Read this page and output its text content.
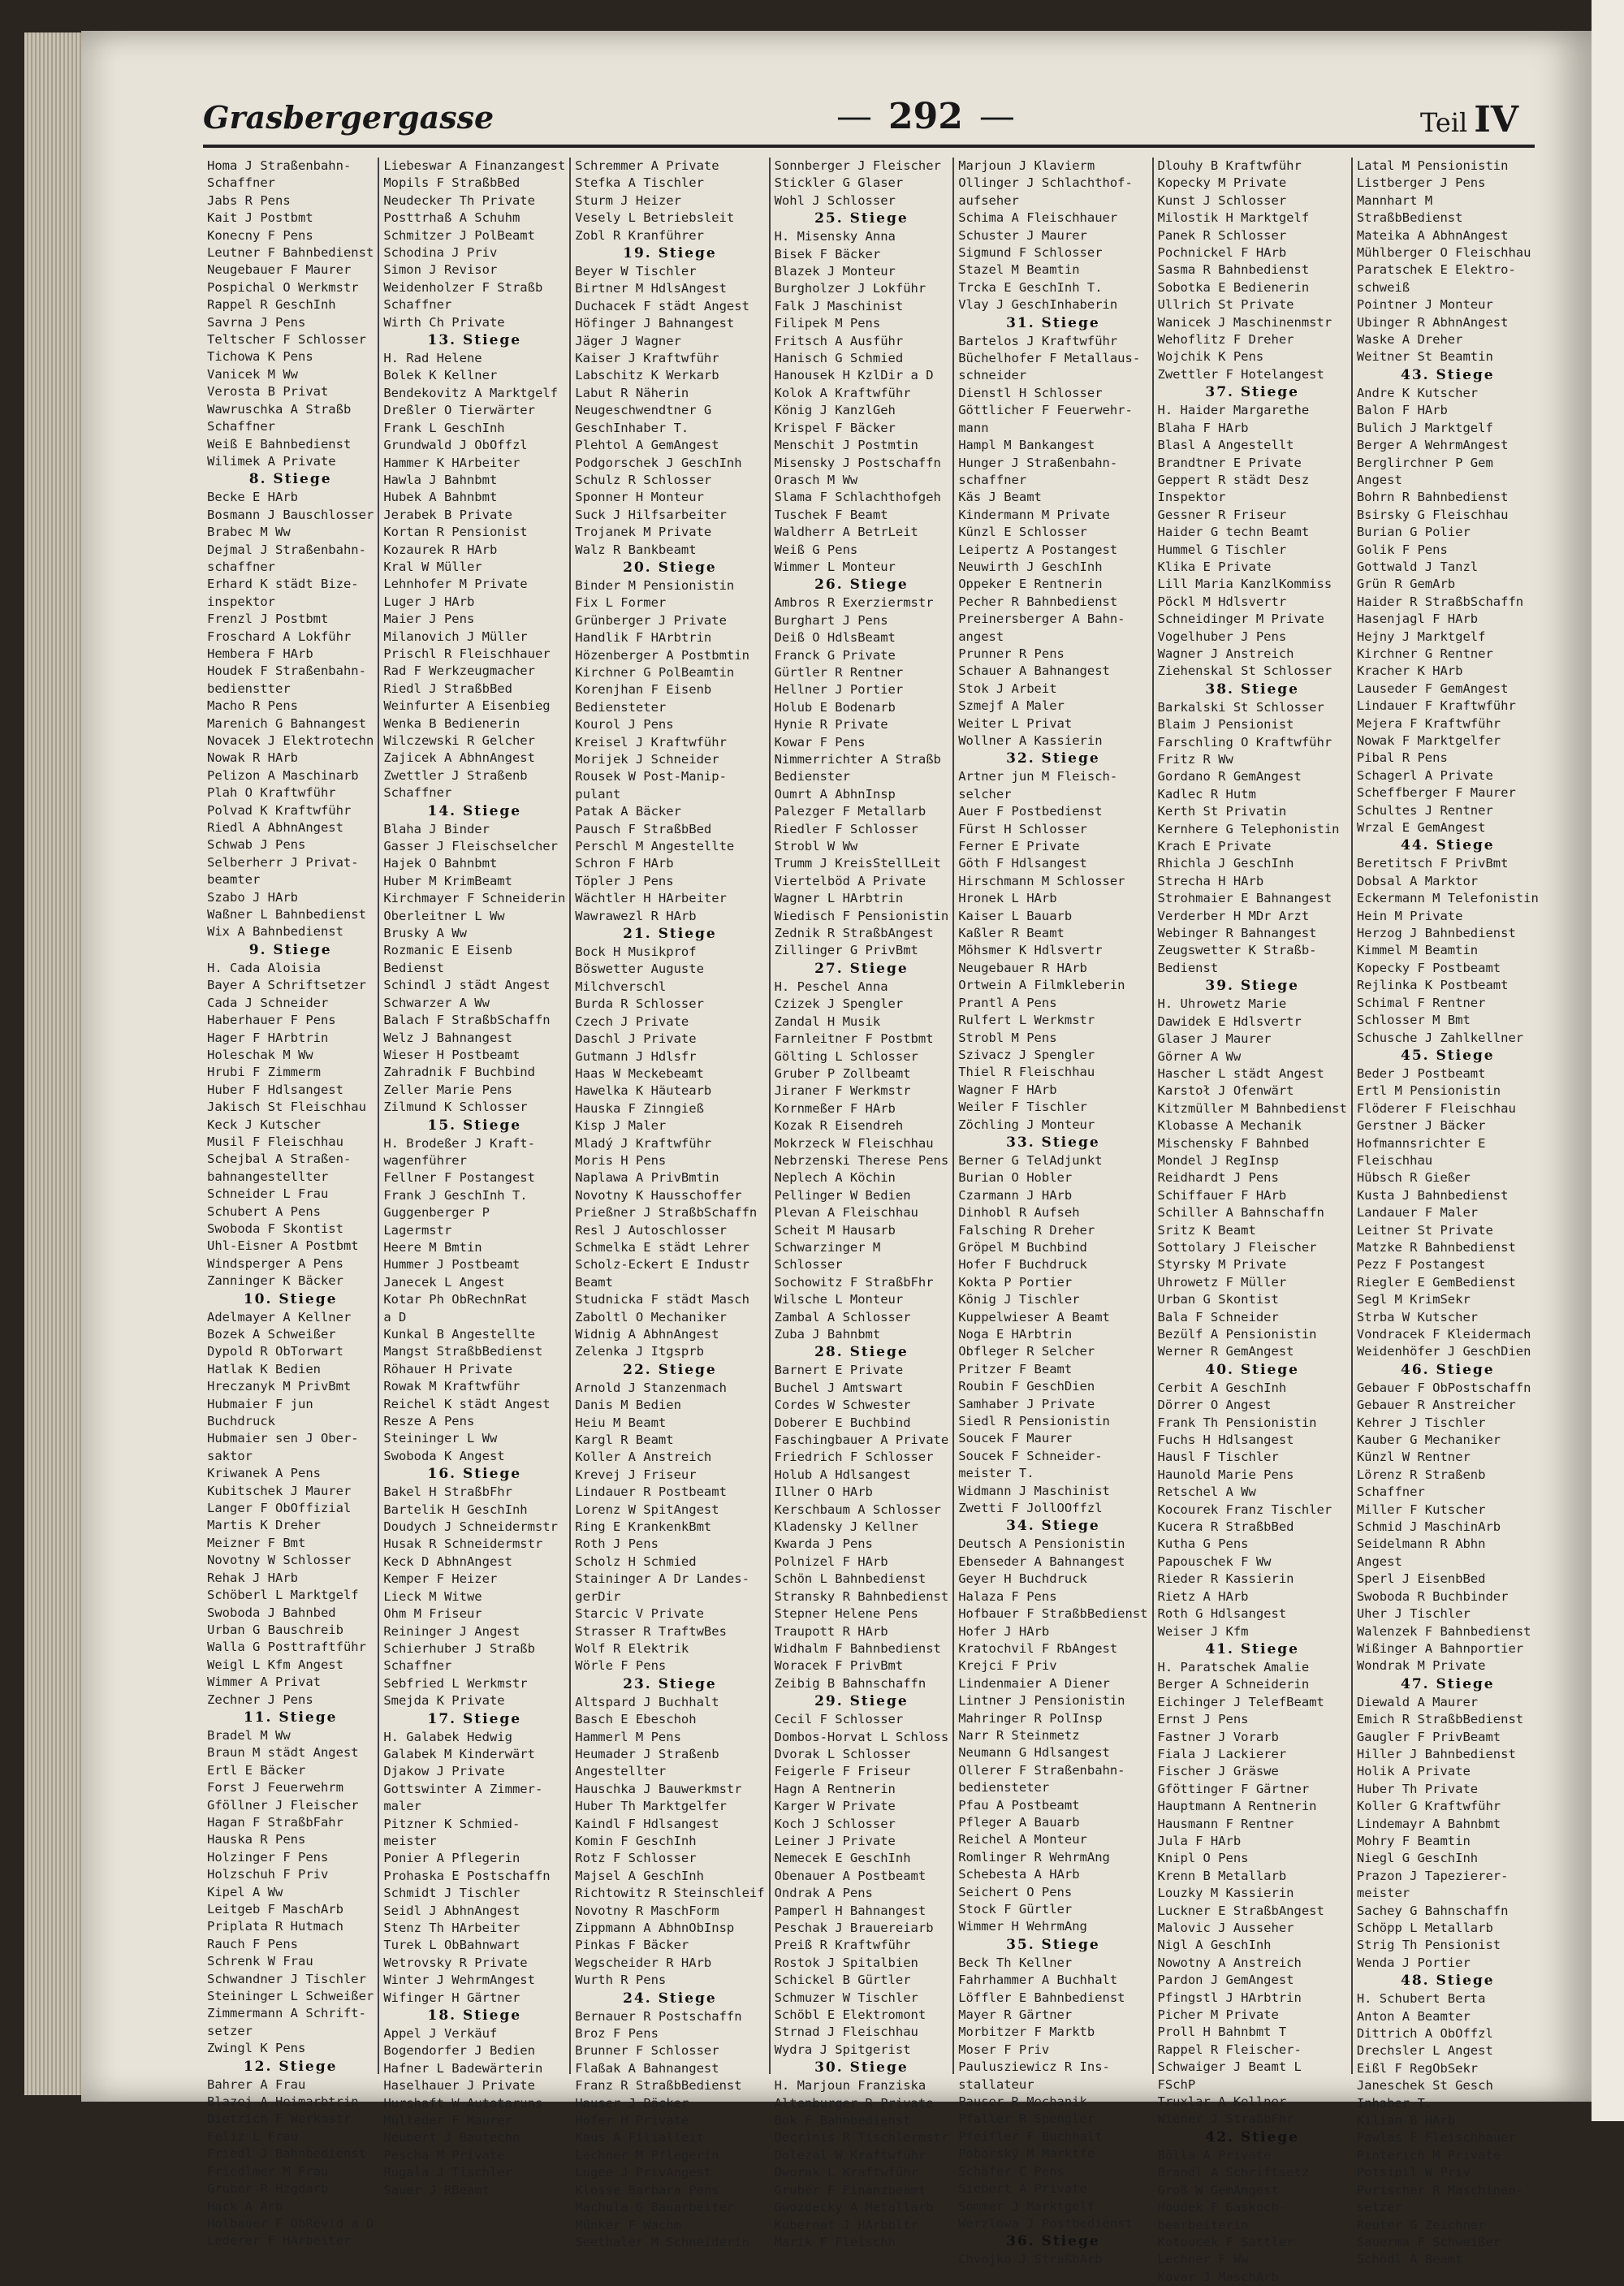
Grasbergergasse	— 292 —	Teil IV
Homa J Straßenbahn-
Schaffner
Jabs R Pens
Kait J Postbmt
Konecny F Pens
Leutner F Bahnbedienst
Neugebauer F Maurer
Pospichal O Werkmstr
Rappel R GeschInh
Savrna J Pens
Teltscher F Schlosser
Tichowa K Pens
Vanicek M Ww
Verosta B Privat
Wawruschka A Straßb
Schaffner
Weiß E Bahnbedienst
Wilimek A Private
8. Stiege
Becke E HArb
Bosmann J Bauschlosser
Brabec M Ww
Dejmal J Straßenbahn-
schaffner
Erhard K städt Bize-
inspektor
Frenzl J Postbmt
Froschard A Lokführ
Hembera F HArb
Houdek F Straßenbahn-
bedienstter
Macho R Pens
Marenich G Bahnangest
Novacek J Elektrotechn
Nowak R HArb
Pelizon A Maschinarb
Plah O Kraftwführ
Polvad K Kraftwführ
Riedl A AbhnAngest
Schwab J Pens
Selberherr J Privat-
beamter
Szabo J HArb
Waßner L Bahnbedienst
Wix A Bahnbedienst
9. Stiege
H. Cada Aloisia
Bayer A Schriftsetzer
Cada J Schneider
Haberhauer F Pens
Hager F HArbtrin
Holeschak M Ww
Hrubi F Zimmerm
Huber F Hdlsangest
Jakisch St Fleischhau
Keck J Kutscher
Musil F Fleischhau
Schejbal A Straßen-
bahnangestellter
Schneider L Frau
Schubert A Pens
Swoboda F Skontist
Uhl-Eisner A Postbmt
Windsperger A Pens
Zanninger K Bäcker
10. Stiege
Adelmayer A Kellner
Bozek A Schweißer
Dypold R ObTorwart
Hatlak K Bedien
Hreczanyk M PrivBmt
Hubmaier F jun
Buchdruck
Hubmaier sen J Ober-
saktor
Kriwanek A Pens
Kubitschek J Maurer
Langer F ObOffizial
Martis K Dreher
Meizner F Bmt
Novotny W Schlosser
Rehak J HArb
Schöberl L Marktgelf
Swoboda J Bahnbed
Urban G Bauschreib
Walla G Posttraftführ
Weigl L Kfm Angest
Wimmer A Privat
Zechner J Pens
11. Stiege
Bradel M Ww
Braun M städt Angest
Ertl E Bäcker
Forst J Feuerwehrm
Gföllner J Fleischer
Hagan F StraßbFahr
Hauska R Pens
Holzinger F Pens
Holzschuh F Priv
Kipel A Ww
Leitgeb F MaschArb
Priplata R Hutmach
Rauch F Pens
Schrenk W Frau
Schwandner J Tischler
Steininger L Schweißer
Zimmermann A Schrift-
setzer
Zwingl K Pens
12. Stiege
Bahrer A Frau
Blazej A Heimarbtrin
Dietrich F Werkmstr
Feliz L Frau
Friedl J Bahnbedienst
Friedlmer M Frau
Gruber R Hzgdarb
Hack A Arb
Holbauer F ObRevid a D
Lederer F HArbeiter
Liebeswar A Finanzangest
Mopils F StraßbBed
Neudecker Th Private
Posttrhaß A Schuhm
Schmitzer J PolBeamt
Schodina J Priv
Simon J Revisor
Weidenholzer F Straßb
Schaffner
Wirth Ch Private
13. Stiege
H. Rad Helene
Bolek K Kellner
Bendekovitz A Marktgelf
Dreßler O Tierwärter
Frank L GeschInh
Grundwald J ObOffzl
Hammer K HArbeiter
Hawla J Bahnbmt
Hubek A Bahnbmt
Jerabek B Private
Kortan R Pensionist
Kozaurek R HArb
Kral W Müller
Lehnhofer M Private
Luger J HArb
Maier J Pens
Milanovich J Müller
Prischl R Fleischhauer
Rad F Werkzeugmacher
Riedl J StraßbBed
Weinfurter A Eisenbieg
Wenka B Bedienerin
Wilczewski R Gelcher
Zajicek A AbhnAngest
Zwettler J Straßenb
Schaffner
14. Stiege
Blaha J Binder
Gasser J Fleischselcher
Hajek O Bahnbmt
Huber M KrimBeamt
Kirchmayer F Schneiderin
Oberleitner L Ww
Brusky A Ww
Rozmanic E Eisenb
Bedienst
Schindl J städt Angest
Schwarzer A Ww
Balach F StraßbSchaffn
Welz J Bahnangest
Wieser H Postbeamt
Zahradnik F Buchbind
Zeller Marie Pens
Zilmund K Schlosser
15. Stiege
H. Brodeßer J Kraft-
wagenführer
Fellner F Postangest
Frank J GeschInh T.
Guggenberger P
Lagermstr
Heere M Bmtin
Hummer J Postbeamt
Janecek L Angest
Kotar Ph ObRechnRat
a D
Kunkal B Angestellte
Mangst StraßbBedienst
Röhauer H Private
Rowak M Kraftwführ
Reichel K städt Angest
Resze A Pens
Steininger L Ww
Swoboda K Angest
16. Stiege
Bakel H StraßbFhr
Bartelik H GeschInh
Doudych J Schneidermstr
Husak R Schneidermstr
Keck D AbhnAngest
Kemper F Heizer
Lieck M Witwe
Ohm M Friseur
Reininger J Angest
Schierhuber J Straßb
Schaffner
Sebfried L Werkmstr
Smejda K Private
17. Stiege
H. Galabek Hedwig
Galabek M Kinderwärt
Djakow J Private
Gottswinter A Zimmer-
maler
Pitzner K Schmied-
meister
Ponier A Pflegerin
Prohaska E Postschaffn
Schmidt J Tischler
Seidl J AbhnAngest
Stenz Th HArbeiter
Turek L ObBahnwart
Wetrovsky R Private
Winter J WehrmAngest
Wifinger H Gärtner
18. Stiege
Appel J Verkäuf
Bogendorfer J Bedien
Hafner L Badewärterin
Haselhauer J Private
Hurshaft W Autotaruns
Mülleder F Maurer
Neubert J Bautechn
Pescha M Private
Rugala J Tischler
Sauer J RBeamt
Schremmer A Private
Stefka A Tischler
Sturm J Heizer
Vesely L Betriebsleit
Zobl R Kranführer
19. Stiege
Beyer W Tischler
Birtner M HdlsAngest
Duchacek F städt Angest
Höfinger J Bahnangest
Jäger J Wagner
Kaiser J Kraftwführ
Labschitz K Werkarb
Labut R Näherin
Neugeschwendtner G
GeschInhaber T.
Plehtol A GemAngest
Podgorschek J GeschInh
Schulz R Schlosser
Sponner H Monteur
Suck J Hilfsarbeiter
Trojanek M Private
Walz R Bankbeamt
20. Stiege
Binder M Pensionistin
Fix L Former
Grünberger J Private
Handlik F HArbtrin
Hözenberger A Postbmtin
Kirchner G PolBeamtin
Korenjhan F Eisenb
Bediensteter
Kourol J Pens
Kreisel J Kraftwführ
Morijek J Schneider
Rousek W Post-Manip-
pulant
Patak A Bäcker
Pausch F StraßbBed
Perschl M Angestellte
Schron F HArb
Töpler J Pens
Wächtler H HArbeiter
Wawrawezl R HArb
21. Stiege
Bock H Musikprof
Böswetter Auguste
Milchverschl
Burda R Schlosser
Czech J Private
Daschl J Private
Gutmann J Hdlsfr
Haas W Meckebeamt
Hawelka K Häutearb
Hauska F Zinngieß
Kisp J Maler
Mladý J Kraftwführ
Moris H Pens
Naplawa A PrivBmtin
Novotny K Hausschoffer
Prießner J StraßbSchaffn
Resl J Autoschlosser
Schmelka E städt Lehrer
Scholz-Eckert E Industr
Beamt
Studnicka F städt Masch
Zaboltl O Mechaniker
Widnig A AbhnAngest
Zelenka J Itgsprb
22. Stiege
Arnold J Stanzenmach
Danis M Bedien
Heiu M Beamt
Kargl R Beamt
Koller A Anstreich
Krevej J Friseur
Lindauer R Postbeamt
Lorenz W SpitAngest
Ring E KrankenkBmt
Roth J Pens
Scholz H Schmied
Staininger A Dr Landes-
gerDir
Starcic V Private
Strasser R TraftwBes
Wolf R Elektrik
Wörle F Pens
23. Stiege
Altspard J Buchhalt
Basch E Ebeschoh
Hammerl M Pens
Heumader J Straßenb
Angestellter
Hauschka J Bauwerkmstr
Huber Th Marktgelfer
Kaindl F Hdlsangest
Komin F GeschInh
Rotz F Schlosser
Majsel A GeschInh
Richtowitz R Steinschleif
Novotny R MaschForm
Zippmann A AbhnObInsp
Pinkas F Bäcker
Wegscheider R HArb
Wurth R Pens
24. Stiege
Bernauer R Postschaffn
Broz F Pens
Brunner F Schlosser
Flaßak A Bahnangest
Franz R StraßbBedienst
Hauser J Bäcker
Hofer H Private
Kaus A Filialleit
Lechner M Pflegerin
Lugee J PrivAngest
Klosse Barbara Pens
Machula G Bauarbeiter
Münker F Wachm
Seethaler M Schneiderin
Sonnberger J Fleischer
Stickler G Glaser
Wohl J Schlosser
25. Stiege
H. Misensky Anna
Bisek F Bäcker
Blazek J Monteur
Burgholzer J Lokführ
Falk J Maschinist
Filipek M Pens
Fritsch A Ausführ
Hanisch G Schmied
Hanousek H KzlDir a D
Kolok A Kraftwführ
König J KanzlGeh
Krispel F Bäcker
Menschit J Postmtin
Misensky J Postschaffn
Orasch M Ww
Slama F Schlachthofgeh
Tuschek F Beamt
Waldherr A BetrLeit
Weiß G Pens
Wimmer L Monteur
26. Stiege
Ambros R Exerziermstr
Burghart J Pens
Deiß O HdlsBeamt
Franck G Private
Gürtler R Rentner
Hellner J Portier
Holub E Bodenarb
Hynie R Private
Kowar F Pens
Nimmerrichter A Straßb
Bedienster
Oumrt A AbhnInsp
Palezger F Metallarb
Riedler F Schlosser
Strobl W Ww
Trumm J KreisStellLeit
Viertelböd A Private
Wagner L HArbtrin
Wiedisch F Pensionistin
Zednik R StraßbAngest
Zillinger G PrivBmt
27. Stiege
H. Peschel Anna
Czizek J Spengler
Zandal H Musik
Farnleitner F Postbmt
Gölting L Schlosser
Gruber P Zollbeamt
Jiraner F Werkmstr
Kornmeßer F HArb
Kozak R Eisendreh
Mokrzeck W Fleischhau
Nebrzenski Therese Pens
Neplech A Köchin
Pellinger W Bedien
Plevan A Fleischhau
Scheit M Hausarb
Schwarzinger M
Schlosser
Sochowitz F StraßbFhr
Wilsche L Monteur
Zambal A Schlosser
Zuba J Bahnbmt
28. Stiege
Barnert E Private
Buchel J Amtswart
Cordes W Schwester
Doberer E Buchbind
Faschingbauer A Private
Friedrich F Schlosser
Holub A Hdlsangest
Illner O HArb
Kerschbaum A Schlosser
Kladensky J Kellner
Kwarda J Pens
Polnizel F HArb
Schön L Bahnbedienst
Stransky R Bahnbedienst
Stepner Helene Pens
Traupott R HArb
Widhalm F Bahnbedienst
Woracek F PrivBmt
Zeibig B Bahnschaffn
29. Stiege
Cecil F Schlosser
Dombos-Horvat L Schloss
Dvorak L Schlosser
Feigerle F Friseur
Hagn A Rentnerin
Karger W Private
Koch J Schlosser
Leiner J Private
Nemecek E GeschInh
Obenauer A Postbeamt
Ondrak A Pens
Pamperl H Bahnangest
Peschak J Brauereiarb
Preiß R Kraftwführ
Rostok J Spitalbien
Schickel B Gürtler
Schmuzer W Tischler
Schöbl E Elektromont
Strnad J Fleischhau
Wydra J Spitgerist
30. Stiege
H. Marjoun Franziska
Altenburger R Private
Bok F Bahnbedienst
Decrinis R Tischlermstr
Dolezal W Kraftwführ
Dworak L Kraftwführ
Gruber F Finanzbeamt
Gwozdecky A Metallarb
Kubernat J HArbbltr
Marik F Fleischh
Marjoun J Klavierm
Ollinger J Schlachthof-
aufseher
Schima A Fleischhauer
Schuster J Maurer
Sigmund F Schlosser
Stazel M Beamtin
Trcka E GeschInh T.
Vlay J GeschInhaberin
31. Stiege
Bartelos J Kraftwführ
Büchelhofer F Metallaus-
schneider
Dienstl H Schlosser
Göttlicher F Feuerwehr-
mann
Hampl M Bankangest
Hunger J Straßenbahn-
schaffner
Käs J Beamt
Kindermann M Private
Künzl E Schlosser
Leipertz A Postangest
Neuwirth J GeschInh
Oppeker E Rentnerin
Pecher R Bahnbedienst
Preinersberger A Bahn-
angest
Prunner R Pens
Schauer A Bahnangest
Stok J Arbeit
Szmejf A Maler
Weiter L Privat
Wollner A Kassierin
32. Stiege
Artner jun M Fleisch-
selcher
Auer F Postbedienst
Fürst H Schlosser
Ferner E Private
Göth F Hdlsangest
Hirschmann M Schlosser
Hronek L HArb
Kaiser L Bauarb
Kaßler R Beamt
Möhsmer K Hdlsvertr
Neugebauer R HArb
Ortwein A Filmkleberin
Prantl A Pens
Rulfert L Werkmstr
Strobl M Pens
Szivacz J Spengler
Thiel R Fleischhau
Wagner F HArb
Weiler F Tischler
Zöchling J Monteur
33. Stiege
Berner G TelAdjunkt
Burian O Hobler
Czarmann J HArb
Dinhobl R Aufseh
Falsching R Dreher
Gröpel M Buchbind
Hofer F Buchdruck
Kokta P Portier
König J Tischler
Kuppelwieser A Beamt
Noga E HArbtrin
Obfleger R Selcher
Pritzer F Beamt
Roubin F GeschDien
Samhaber J Private
Siedl R Pensionistin
Soucek F Maurer
Soucek F Schneider-
meister T.
Widmann J Maschinist
Zwetti F JollOOffzl
34. Stiege
Deutsch A Pensionistin
Ebenseder A Bahnangest
Geyer H Buchdruck
Halaza F Pens
Hofbauer F StraßbBedienst
Hofer J HArb
Kratochvil F RbAngest
Krejci F Priv
Lindenmaier A Diener
Lintner J Pensionistin
Mahringer R PolInsp
Narr R Steinmetz
Neumann G Hdlsangest
Ollerer F Straßenbahn-
bediensteter
Pfau A Postbeamt
Pfleger A Bauarb
Reichel A Monteur
Romlinger R WehrmAng
Schebesta A HArb
Seichert O Pens
Stock F Gürtler
Wimmer H WehrmAng
35. Stiege
Beck Th Kellner
Fahrhammer A Buchhalt
Löffler E Bahnbedienst
Mayer R Gärtner
Morbitzer F Marktb
Moser F Priv
Paulusziewicz R Ins-
stallateur
Pauser R Mechanik
Pfaller R Spengler
Pfeifler F Buchhalt
Poborský M Marktfe
Schäfer C Pens
Siebert A Private
Sommer J Marktgelf
Werzlowa J Postbedienst
36. Stiege
Chvojko J StraßbArb
Dlouhy B Kraftwführ
Kopecky M Private
Kunst J Schlosser
Milostik H Marktgelf
Panek R Schlosser
Pochnickel F HArb
Sasma R Bahnbedienst
Sobotka E Bedienerin
Ullrich St Private
Wanicek J Maschinenmstr
Wehoflitz F Dreher
Wojchik K Pens
Zwettler F Hotelangest
37. Stiege
H. Haider Margarethe
Blaha F HArb
Blasl A Angestellt
Brandtner E Private
Geppert R städt Desz
Inspektor
Gessner R Friseur
Haider G techn Beamt
Hummel G Tischler
Klika E Private
Lill Maria KanzlKommiss
Pöckl M Hdlsvertr
Schneidinger M Private
Vogelhuber J Pens
Wagner J Anstreich
Ziehenskal St Schlosser
38. Stiege
Barkalski St Schlosser
Blaim J Pensionist
Farschling O Kraftwführ
Fritz R Ww
Gordano R GemAngest
Kadlec R Hutm
Kerth St Privatin
Kernhere G Telephonistin
Krach E Private
Rhichla J GeschInh
Strecha H HArb
Strohmaier E Bahnangest
Verderber H MDr Arzt
Webinger R Bahnangest
Zeugswetter K Straßb-
Bedienst
39. Stiege
H. Uhrowetz Marie
Dawidek E Hdlsvertr
Glaser J Maurer
Görner A Ww
Hascher L städt Angest
Karstoł J Ofenwärt
Kitzmüller M Bahnbedienst
Klobasse A Mechanik
Mischensky F Bahnbed
Mondel J RegInsp
Reidhardt J Pens
Schiffauer F HArb
Schiller A Bahnschaffn
Sritz K Beamt
Sottolary J Fleischer
Styrsky M Private
Uhrowetz F Müller
Urban G Skontist
Bala F Schneider
Bezülf A Pensionistin
Werner R GemAngest
40. Stiege
Cerbit A GeschInh
Dörrer O Angest
Frank Th Pensionistin
Fuchs H Hdlsangest
Hausl F Tischler
Haunold Marie Pens
Retschel A Ww
Kocourek Franz Tischler
Kucera R StraßbBed
Kutha G Pens
Papouschek F Ww
Rieder R Kassierin
Rietz A HArb
Roth G Hdlsangest
Weiser J Kfm
41. Stiege
H. Paratschek Amalie
Berger A Schneiderin
Eichinger J TelefBeamt
Ernst J Pens
Fastner J Vorarb
Fiala J Lackierer
Fischer J Gräswe
Gföttinger F Gärtner
Hauptmann A Rentnerin
Hausmann F Rentner
Jula F HArb
Knipl O Pens
Krenn B Metallarb
Louzky M Kassierin
Luckner E StraßbAngest
Malovic J Ausseher
Nigl A GeschInh
Nowotny A Anstreich
Pardon J GemAngest
Pfingstl J HArbtrin
Picher M Private
Proll H Bahnbmt T
Rappel R Fleischer-
Schwaiger J Beamt L
FSchP
Truxlar A Kellner
Wiener J StraßbFhr
42. Stiege
Bölla A Private
Brandl A Schriftsetz
Groß W GemAngest
Houdek F Gaskoch-
bearbeiterin
Kotoucek F Sattler
Lechner F Ww
Kovar J MaschArb
Latal M Pensionistin
Listberger J Pens
Mannhart M
StraßbBedienst
Mateika A AbhnAngest
Mühlberger O Fleischhau
Paratschek E Elektro-
schweiß
Pointner J Monteur
Ubinger R AbhnAngest
Waske A Dreher
Weitner St Beamtin
43. Stiege
Andre K Kutscher
Balon F HArb
Bulich J Marktgelf
Berger A WehrmAngest
Berglirchner P Gem
Angest
Bohrn R Bahnbedienst
Bsirsky G Fleischhau
Burian G Polier
Golik F Pens
Gottwald J Tanzl
Grün R GemArb
Haider R StraßbSchaffn
Hasenjagl F HArb
Hejny J Marktgelf
Kirchner G Rentner
Kracher K HArb
Lauseder F GemAngest
Lindauer F Kraftwführ
Mejera F Kraftwführ
Nowak F Marktgelfer
Pibal R Pens
Schagerl A Private
Scheffberger F Maurer
Schultes J Rentner
Wrzal E GemAngest
44. Stiege
Beretitsch F PrivBmt
Dobsal A Marktor
Eckermann M Telefonistin
Hein M Private
Herzog J Bahnbedienst
Kimmel M Beamtin
Kopecky F Postbeamt
Rejlinka K Postbeamt
Schimal F Rentner
Schlosser M Bmt
Schusche J Zahlkellner
45. Stiege
Beder J Postbeamt
Ertl M Pensionistin
Flöderer F Fleischhau
Gerstner J Bäcker
Hofmannsrichter E
Fleischhau
Hübsch R Gießer
Kusta J Bahnbedienst
Landauer F Maler
Leitner St Private
Matzke R Bahnbedienst
Pezz F Postangest
Riegler E GemBedienst
Segl M KrimSekr
Strba W Kutscher
Vondracek F Kleidermach
Weidenhöfer J GeschDien
46. Stiege
Gebauer F ObPostschaffn
Gebauer R Anstreicher
Kehrer J Tischler
Kauber G Mechaniker
Künzl W Rentner
Lörenz R Straßenb
Schaffner
Miller F Kutscher
Schmid J MaschinArb
Seidelmann R Abhn
Angest
Sperl J EisenbBed
Swoboda R Buchbinder
Uher J Tischler
Walenzek F Bahnbedienst
Wißinger A Bahnportier
Wondrak M Private
47. Stiege
Diewald A Maurer
Emich R StraßbBedienst
Gaugler F PrivBeamt
Hiller J Bahnbedienst
Holik A Private
Huber Th Private
Koller G Kraftwführ
Lindemayr A Bahnbmt
Mohry F Beamtin
Niegl G GeschInh
Prazon J Tapezierer-
meister
Sachey G Bahnschaffn
Schöpp L Metallarb
Strig Th Pensionist
Wenda J Portier
48. Stiege
H. Schubert Berta
Anton A Beamter
Dittrich A ObOffzl
Drechsler L Angest
Eißl F RegObSekr
Janeschek St Gesch
Inhaber T.
Kilian B HArb
Pawlas F Fleischhauer
Pinterich M Private
Potsipil W Priv
Purischer R Maschinen-
setzer
Reuter G Zeichner
Sauerma F Schweißer
Schödl A Beamt
